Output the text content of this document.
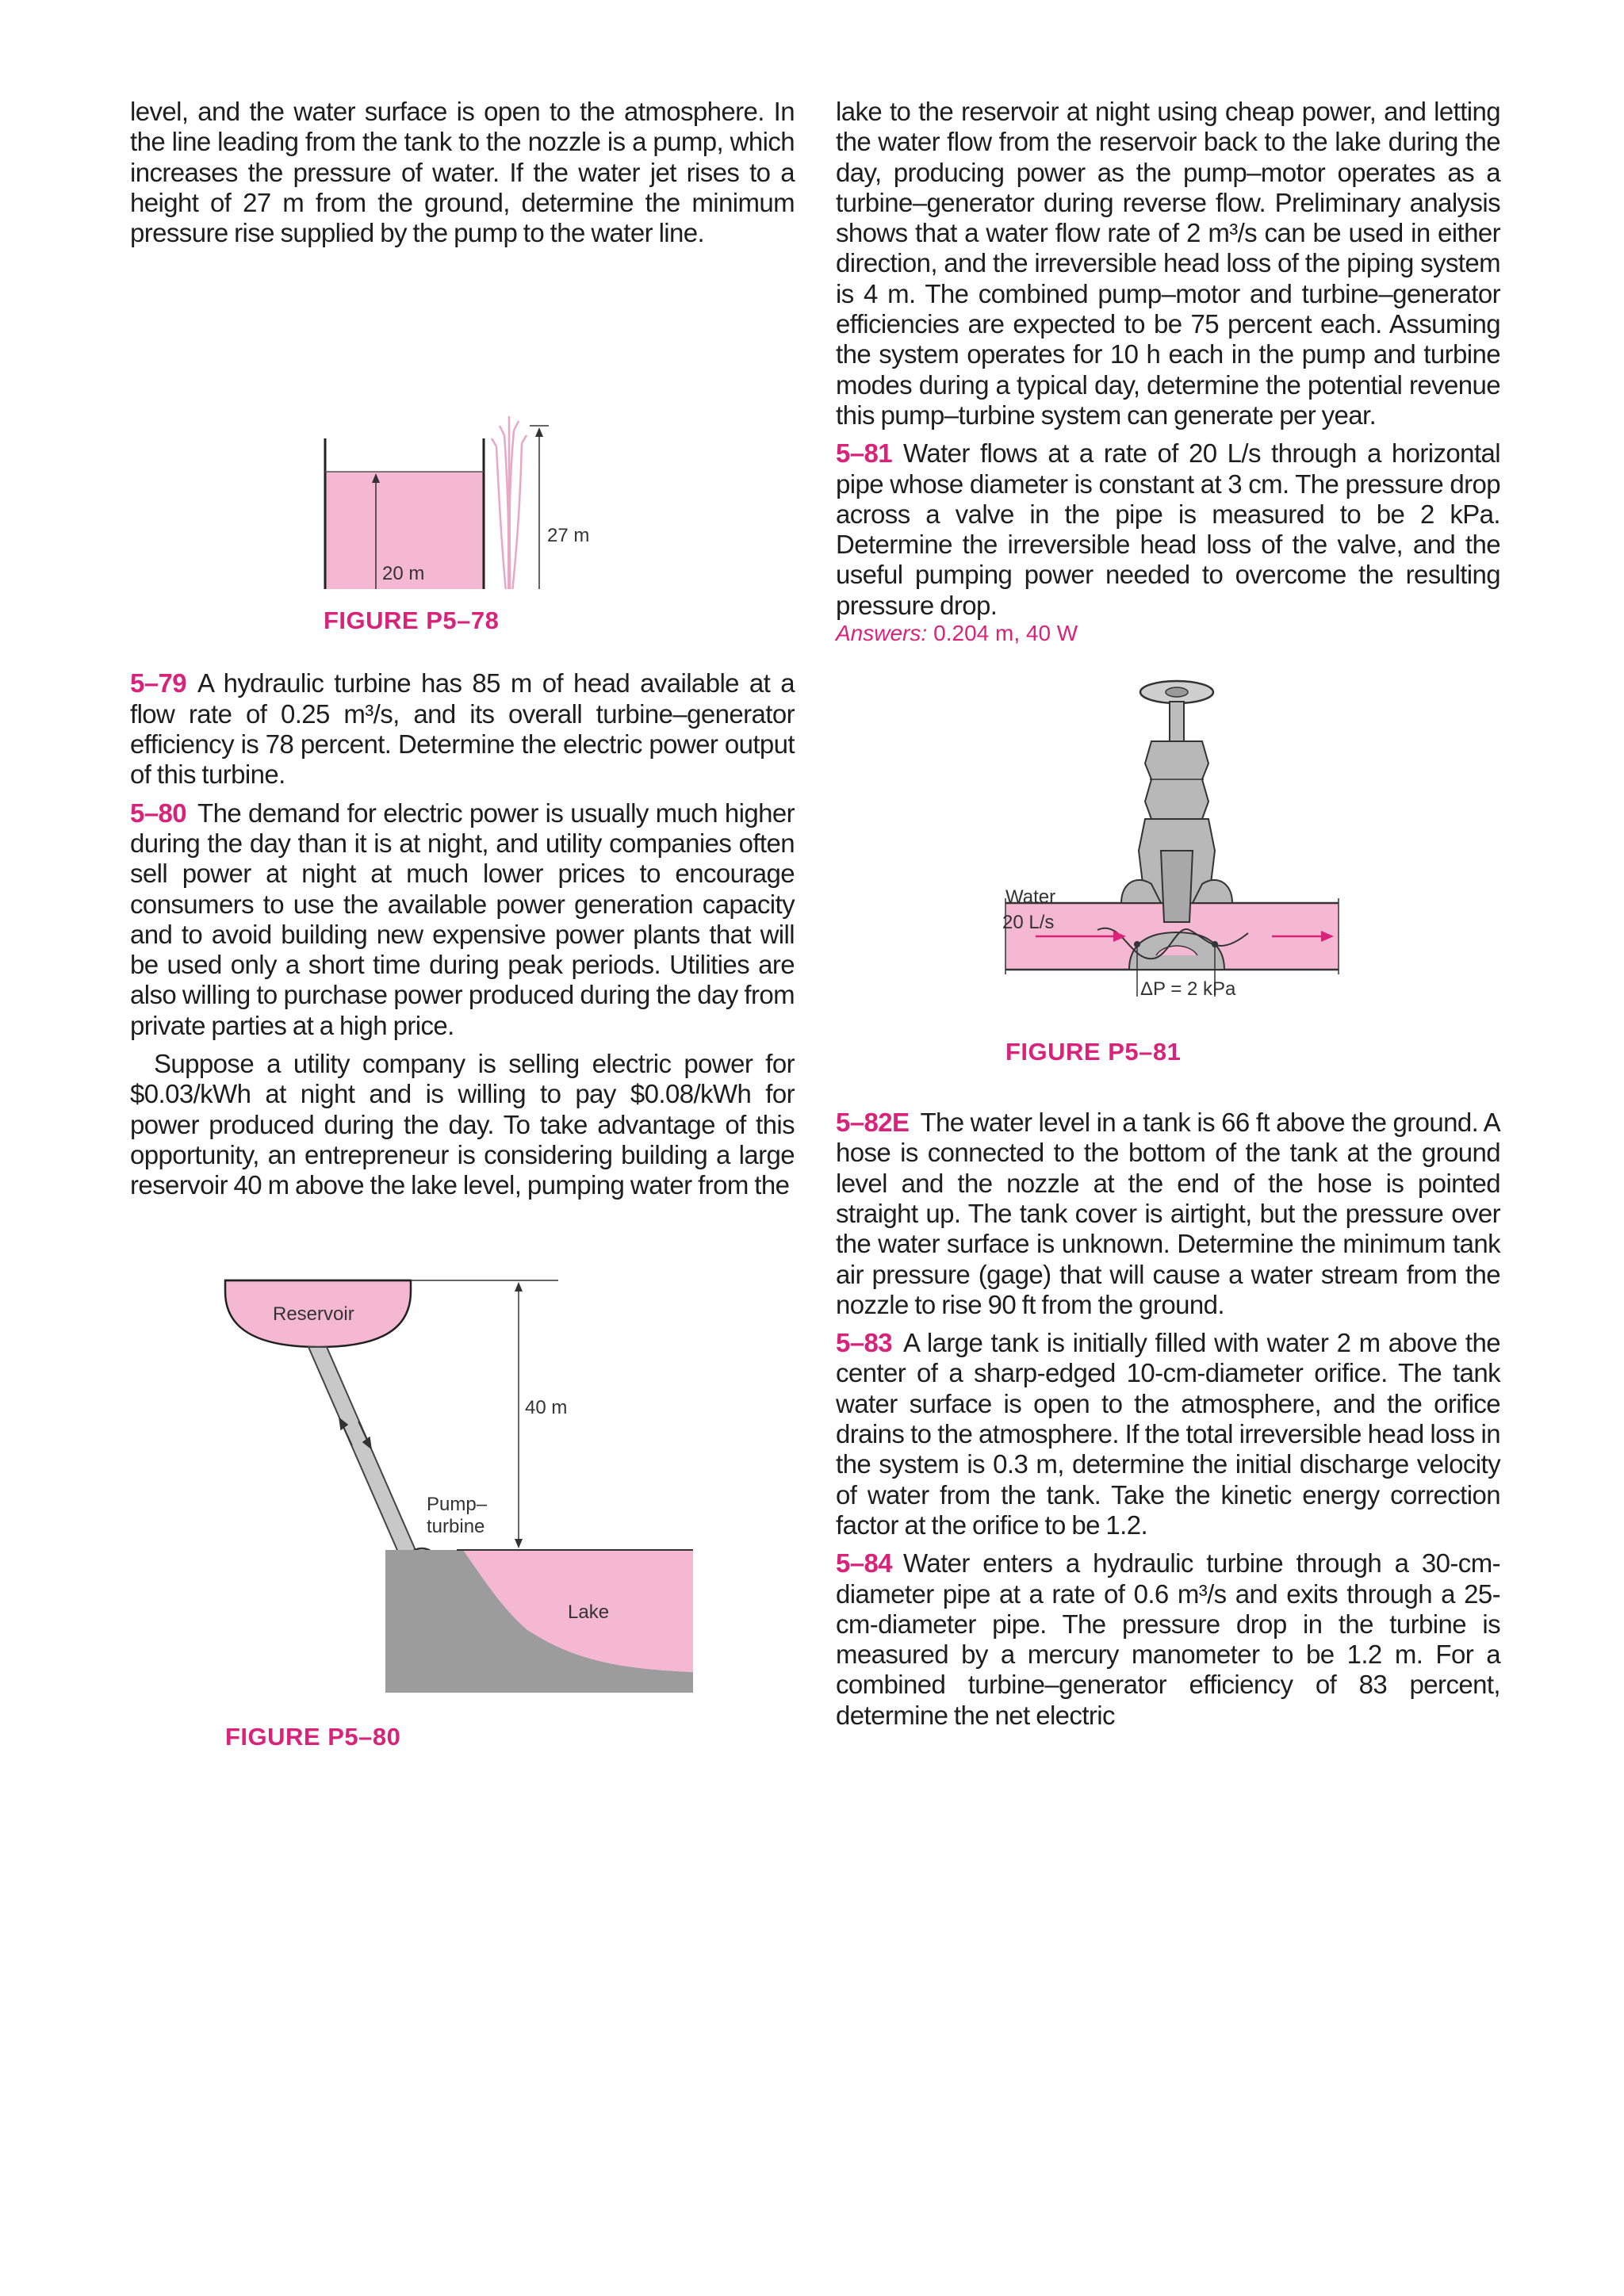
level, and the water surface is open to the atmosphere. In the line leading from the tank to the nozzle is a pump, which increases the pressure of water. If the water jet rises to a height of 27 m from the ground, determine the minimum pressure rise supplied by the pump to the water line.

20 m
27 m
FIGURE P5–78

5–79 A hydraulic turbine has 85 m of head available at a flow rate of 0.25 m³/s, and its overall turbine–generator efficiency is 78 percent. Determine the electric power output of this turbine.

5–80 The demand for electric power is usually much higher during the day than it is at night, and utility companies often sell power at night at much lower prices to encourage consumers to use the available power generation capacity and to avoid building new expensive power plants that will be used only a short time during peak periods. Utilities are also willing to purchase power produced during the day from private parties at a high price.

Suppose a utility company is selling electric power for $0.03/kWh at night and is willing to pay $0.08/kWh for power produced during the day. To take advantage of this opportunity, an entrepreneur is considering building a large reservoir 40 m above the lake level, pumping water from the

Reservoir
Pump–
turbine
Lake
40 m
FIGURE P5–80

lake to the reservoir at night using cheap power, and letting the water flow from the reservoir back to the lake during the day, producing power as the pump–motor operates as a turbine–generator during reverse flow. Preliminary analysis shows that a water flow rate of 2 m³/s can be used in either direction, and the irreversible head loss of the piping system is 4 m. The combined pump–motor and turbine–generator efficiencies are expected to be 75 percent each. Assuming the system operates for 10 h each in the pump and turbine modes during a typical day, determine the potential revenue this pump–turbine system can generate per year.

5–81 Water flows at a rate of 20 L/s through a horizontal pipe whose diameter is constant at 3 cm. The pressure drop across a valve in the pipe is measured to be 2 kPa. Determine the irreversible head loss of the valve, and the useful pumping power needed to overcome the resulting pressure drop.

Answers: 0.204 m, 40 W
Water
20 L/s
ΔP = 2 kPa
FIGURE P5–81

5–82E The water level in a tank is 66 ft above the ground. A hose is connected to the bottom of the tank at the ground level and the nozzle at the end of the hose is pointed straight up. The tank cover is airtight, but the pressure over the water surface is unknown. Determine the minimum tank air pressure (gage) that will cause a water stream from the nozzle to rise 90 ft from the ground.

5–83 A large tank is initially filled with water 2 m above the center of a sharp-edged 10-cm-diameter orifice. The tank water surface is open to the atmosphere, and the orifice drains to the atmosphere. If the total irreversible head loss in the system is 0.3 m, determine the initial discharge velocity of water from the tank. Take the kinetic energy correction factor at the orifice to be 1.2.

5–84 Water enters a hydraulic turbine through a 30-cm-diameter pipe at a rate of 0.6 m³/s and exits through a 25-cm-diameter pipe. The pressure drop in the turbine is measured by a mercury manometer to be 1.2 m. For a combined turbine–generator efficiency of 83 percent, determine the net electric
